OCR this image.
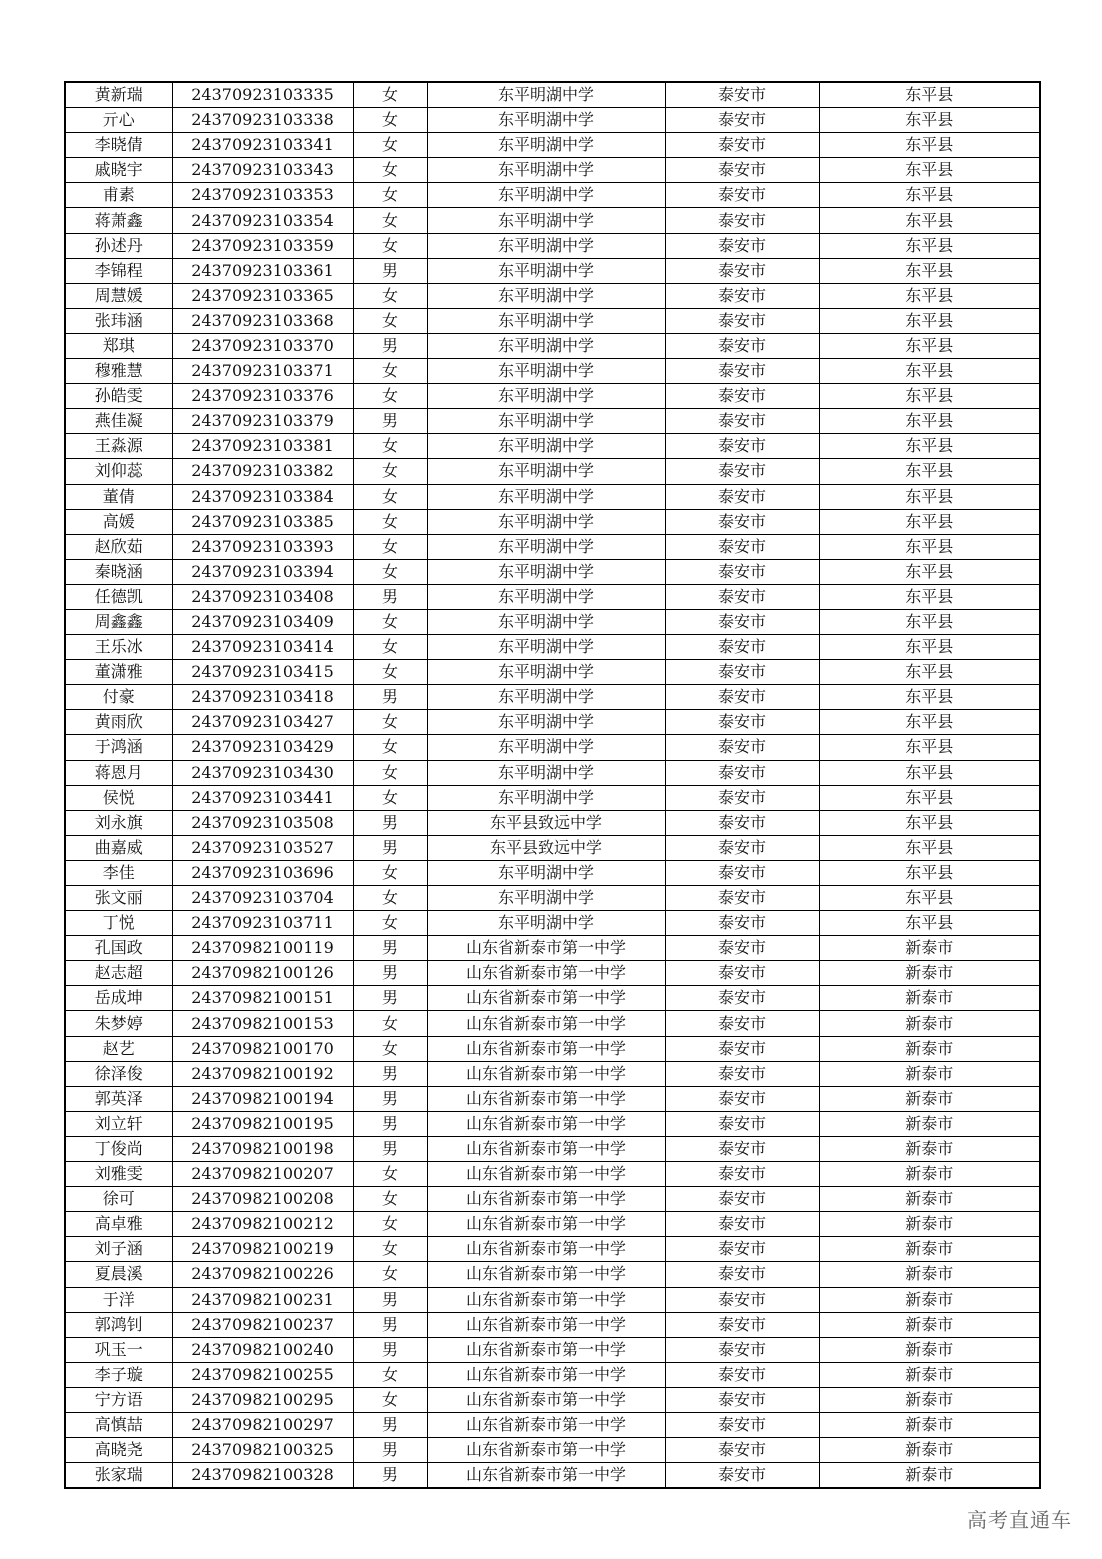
黄新瑞	24370923103335	女	东平明湖中学	泰安市	东平县
亓心	24370923103338	女	东平明湖中学	泰安市	东平县
李晓倩	24370923103341	女	东平明湖中学	泰安市	东平县
戚晓宇	24370923103343	女	东平明湖中学	泰安市	东平县
甫素	24370923103353	女	东平明湖中学	泰安市	东平县
蒋萧鑫	24370923103354	女	东平明湖中学	泰安市	东平县
孙述丹	24370923103359	女	东平明湖中学	泰安市	东平县
李锦程	24370923103361	男	东平明湖中学	泰安市	东平县
周慧媛	24370923103365	女	东平明湖中学	泰安市	东平县
张玮涵	24370923103368	女	东平明湖中学	泰安市	东平县
郑琪	24370923103370	男	东平明湖中学	泰安市	东平县
穆雅慧	24370923103371	女	东平明湖中学	泰安市	东平县
孙皓雯	24370923103376	女	东平明湖中学	泰安市	东平县
燕佳凝	24370923103379	男	东平明湖中学	泰安市	东平县
王淼源	24370923103381	女	东平明湖中学	泰安市	东平县
刘仰蕊	24370923103382	女	东平明湖中学	泰安市	东平县
董倩	24370923103384	女	东平明湖中学	泰安市	东平县
高媛	24370923103385	女	东平明湖中学	泰安市	东平县
赵欣茹	24370923103393	女	东平明湖中学	泰安市	东平县
秦晓涵	24370923103394	女	东平明湖中学	泰安市	东平县
任德凯	24370923103408	男	东平明湖中学	泰安市	东平县
周鑫鑫	24370923103409	女	东平明湖中学	泰安市	东平县
王乐冰	24370923103414	女	东平明湖中学	泰安市	东平县
董潇雅	24370923103415	女	东平明湖中学	泰安市	东平县
付豪	24370923103418	男	东平明湖中学	泰安市	东平县
黄雨欣	24370923103427	女	东平明湖中学	泰安市	东平县
于鸿涵	24370923103429	女	东平明湖中学	泰安市	东平县
蒋恩月	24370923103430	女	东平明湖中学	泰安市	东平县
侯悦	24370923103441	女	东平明湖中学	泰安市	东平县
刘永旗	24370923103508	男	东平县致远中学	泰安市	东平县
曲嘉威	24370923103527	男	东平县致远中学	泰安市	东平县
李佳	24370923103696	女	东平明湖中学	泰安市	东平县
张文丽	24370923103704	女	东平明湖中学	泰安市	东平县
丁悦	24370923103711	女	东平明湖中学	泰安市	东平县
孔国政	24370982100119	男	山东省新泰市第一中学	泰安市	新泰市
赵志超	24370982100126	男	山东省新泰市第一中学	泰安市	新泰市
岳成坤	24370982100151	男	山东省新泰市第一中学	泰安市	新泰市
朱梦婷	24370982100153	女	山东省新泰市第一中学	泰安市	新泰市
赵艺	24370982100170	女	山东省新泰市第一中学	泰安市	新泰市
徐泽俊	24370982100192	男	山东省新泰市第一中学	泰安市	新泰市
郭英泽	24370982100194	男	山东省新泰市第一中学	泰安市	新泰市
刘立轩	24370982100195	男	山东省新泰市第一中学	泰安市	新泰市
丁俊尚	24370982100198	男	山东省新泰市第一中学	泰安市	新泰市
刘雅雯	24370982100207	女	山东省新泰市第一中学	泰安市	新泰市
徐可	24370982100208	女	山东省新泰市第一中学	泰安市	新泰市
高卓雅	24370982100212	女	山东省新泰市第一中学	泰安市	新泰市
刘子涵	24370982100219	女	山东省新泰市第一中学	泰安市	新泰市
夏晨溪	24370982100226	女	山东省新泰市第一中学	泰安市	新泰市
于洋	24370982100231	男	山东省新泰市第一中学	泰安市	新泰市
郭鸿钊	24370982100237	男	山东省新泰市第一中学	泰安市	新泰市
巩玉一	24370982100240	男	山东省新泰市第一中学	泰安市	新泰市
李子璇	24370982100255	女	山东省新泰市第一中学	泰安市	新泰市
宁方语	24370982100295	女	山东省新泰市第一中学	泰安市	新泰市
高慎喆	24370982100297	男	山东省新泰市第一中学	泰安市	新泰市
高晓尧	24370982100325	男	山东省新泰市第一中学	泰安市	新泰市
张家瑞	24370982100328	男	山东省新泰市第一中学	泰安市	新泰市
高考直通车
